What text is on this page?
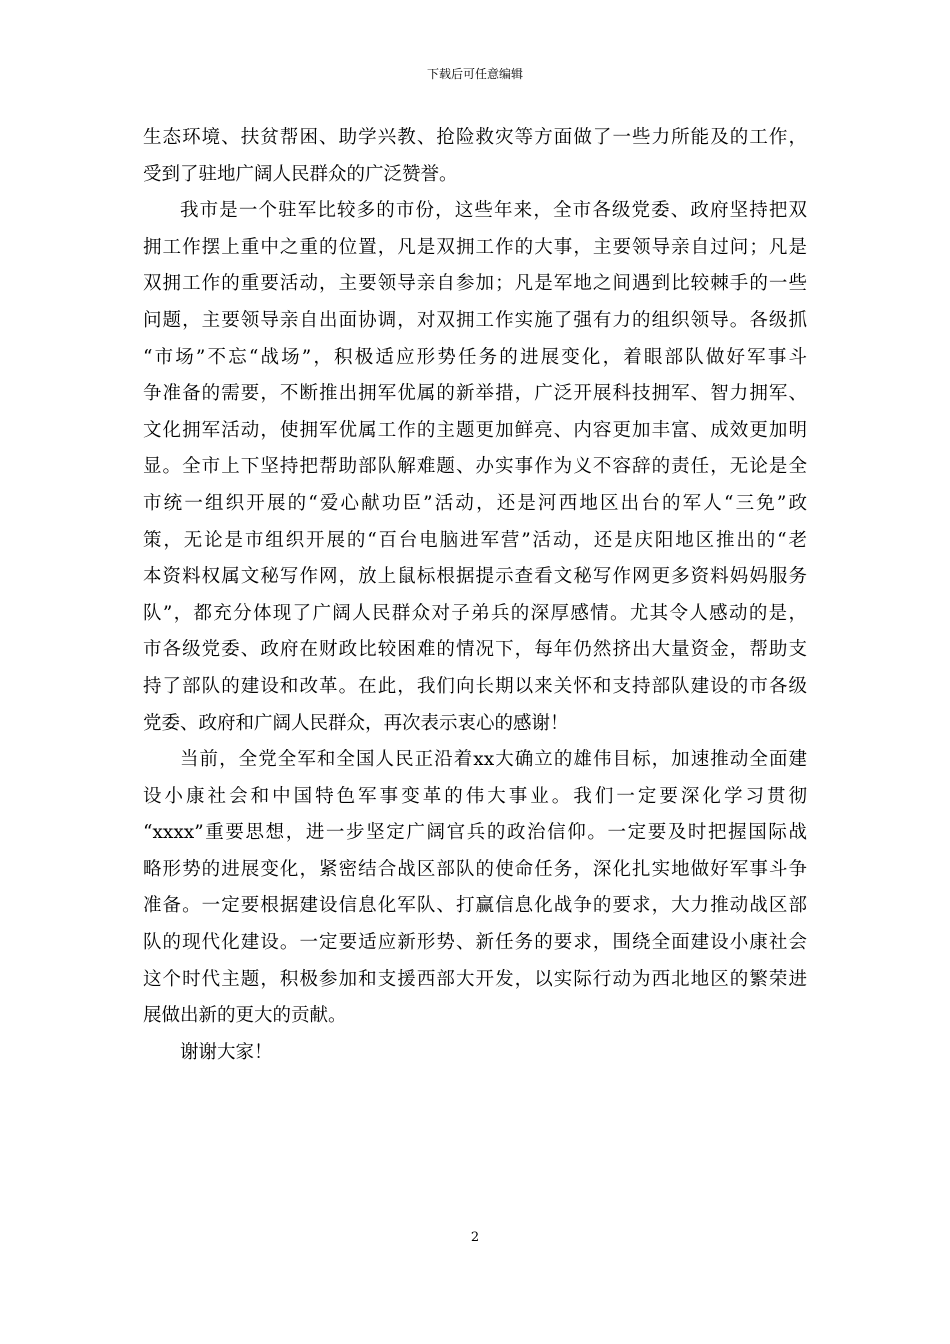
下载后可任意编辑
生态环境、扶贫帮困、助学兴教、抢险救灾等方面做了一些力所能及的工作，
受到了驻地广阔人民群众的广泛赞誉。
我市是一个驻军比较多的市份，这些年来，全市各级党委、政府坚持把双
拥工作摆上重中之重的位置，凡是双拥工作的大事，主要领导亲自过问；凡是
双拥工作的重要活动，主要领导亲自参加；凡是军地之间遇到比较棘手的一些
问题，主要领导亲自出面协调，对双拥工作实施了强有力的组织领导。各级抓
“市场”不忘“战场”，积极适应形势任务的进展变化，着眼部队做好军事斗
争准备的需要，不断推出拥军优属的新举措，广泛开展科技拥军、智力拥军、
文化拥军活动，使拥军优属工作的主题更加鲜亮、内容更加丰富、成效更加明
显。全市上下坚持把帮助部队解难题、办实事作为义不容辞的责任，无论是全
市统一组织开展的“爱心献功臣”活动，还是河西地区出台的军人“三免”政
策，无论是市组织开展的“百台电脑进军营”活动，还是庆阳地区推出的“老
本资料权属文秘写作网，放上鼠标根据提示查看文秘写作网更多资料妈妈服务
队”，都充分体现了广阔人民群众对子弟兵的深厚感情。尤其令人感动的是，
市各级党委、政府在财政比较困难的情况下，每年仍然挤出大量资金，帮助支
持了部队的建设和改革。在此，我们向长期以来关怀和支持部队建设的市各级
党委、政府和广阔人民群众，再次表示衷心的感谢！
当前，全党全军和全国人民正沿着xx大确立的雄伟目标，加速推动全面建
设小康社会和中国特色军事变革的伟大事业。我们一定要深化学习贯彻
“xxxx”重要思想，进一步坚定广阔官兵的政治信仰。一定要及时把握国际战
略形势的进展变化，紧密结合战区部队的使命任务，深化扎实地做好军事斗争
准备。一定要根据建设信息化军队、打赢信息化战争的要求，大力推动战区部
队的现代化建设。一定要适应新形势、新任务的要求，围绕全面建设小康社会
这个时代主题，积极参加和支援西部大开发，以实际行动为西北地区的繁荣进
展做出新的更大的贡献。
谢谢大家！
2
